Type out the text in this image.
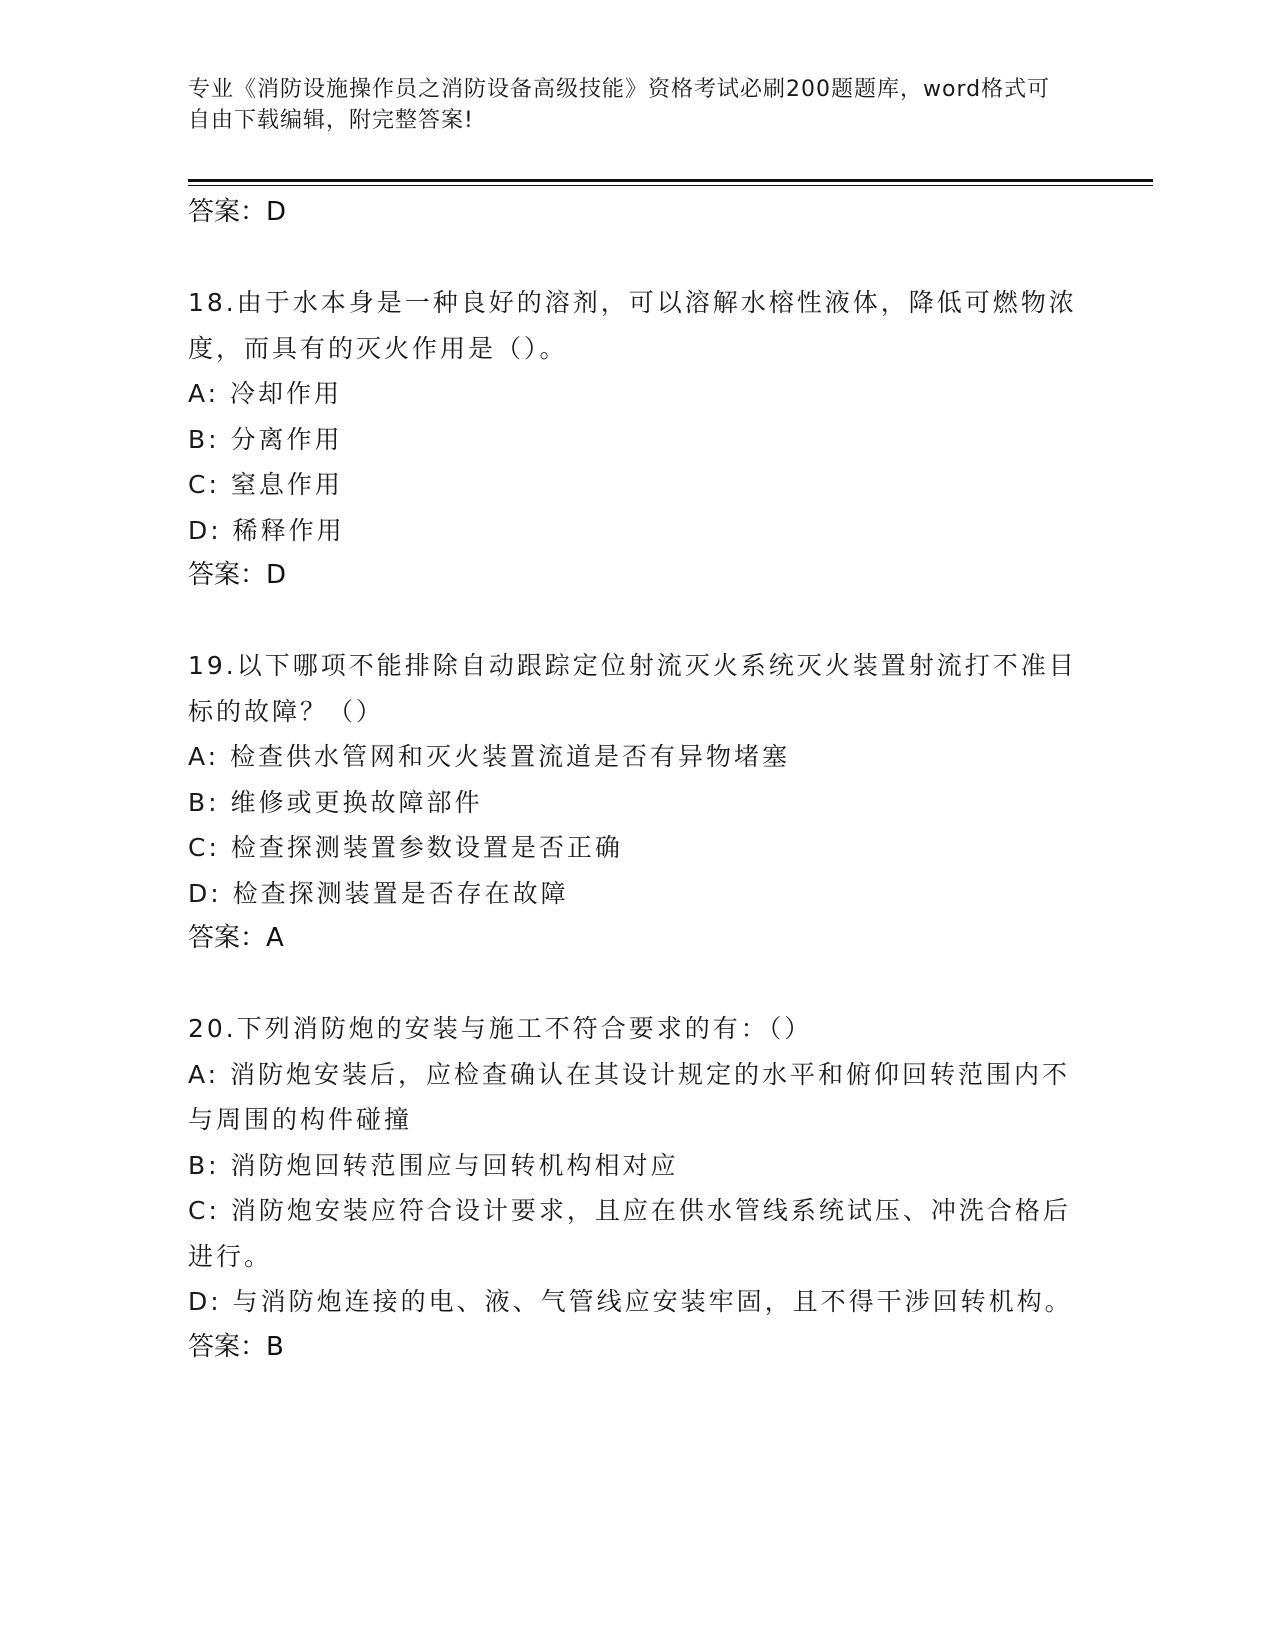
专业《消防设施操作员之消防设备高级技能》资格考试必刷200题题库，word格式可自由下载编辑，附完整答案!
答案：D
18.由于水本身是一种良好的溶剂，可以溶解水榕性液体，降低可燃物浓度，而具有的灭火作用是（）。
A: 冷却作用
B: 分离作用
C: 窒息作用
D: 稀释作用
答案：D
19.以下哪项不能排除自动跟踪定位射流灭火系统灭火装置射流打不准目标的故障？（）
A: 检查供水管网和灭火装置流道是否有异物堵塞
B: 维修或更换故障部件
C: 检查探测装置参数设置是否正确
D: 检查探测装置是否存在故障
答案：A
20.下列消防炮的安装与施工不符合要求的有：（）
A: 消防炮安装后，应检查确认在其设计规定的水平和俯仰回转范围内不与周围的构件碰撞
B: 消防炮回转范围应与回转机构相对应
C: 消防炮安装应符合设计要求，且应在供水管线系统试压、冲洗合格后进行。
D: 与消防炮连接的电、液、气管线应安装牢固，且不得干涉回转机构。
答案：B
